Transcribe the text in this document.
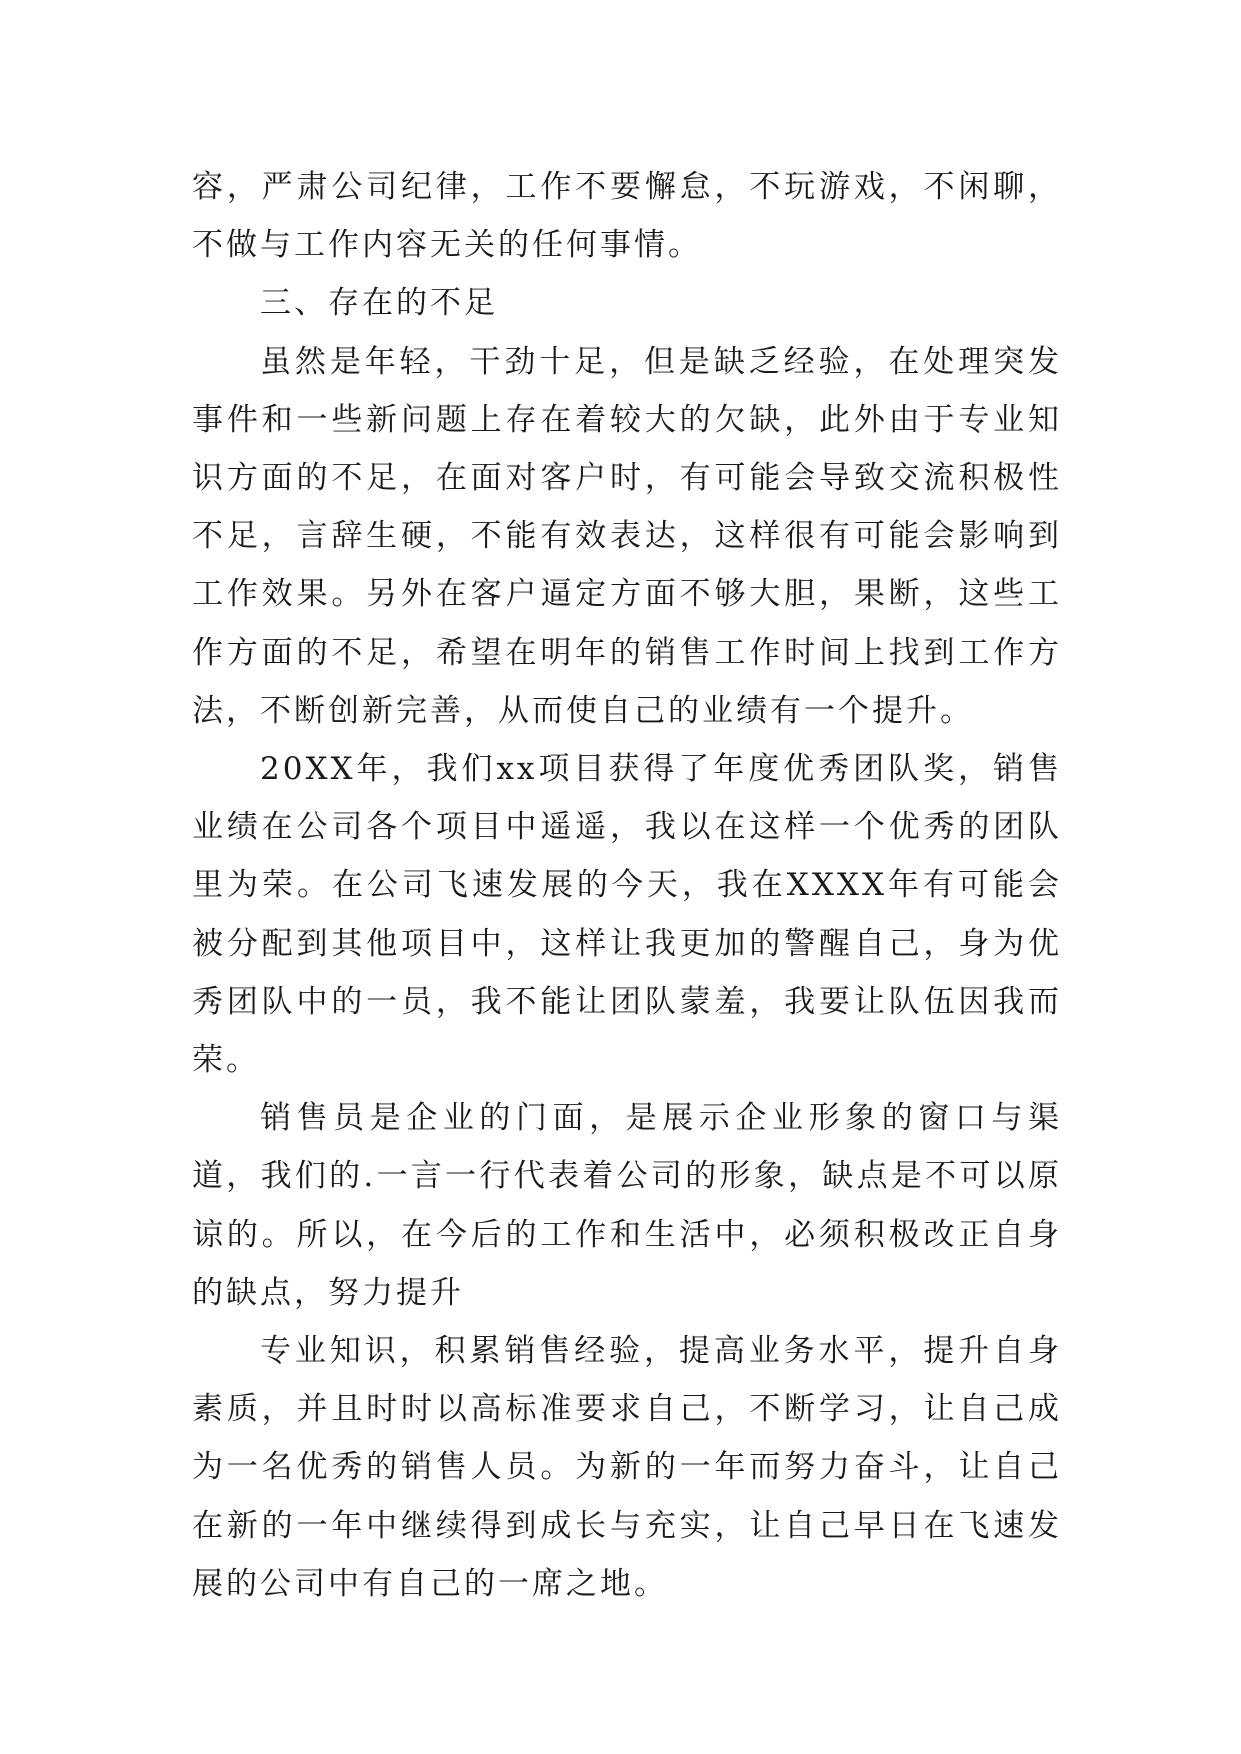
容，严肃公司纪律，工作不要懈怠，不玩游戏，不闲聊，不做与工作内容无关的任何事情。

三、存在的不足

虽然是年轻，干劲十足，但是缺乏经验，在处理突发事件和一些新问题上存在着较大的欠缺，此外由于专业知识方面的不足，在面对客户时，有可能会导致交流积极性不足，言辞生硬，不能有效表达，这样很有可能会影响到工作效果。另外在客户逼定方面不够大胆，果断，这些工作方面的不足，希望在明年的销售工作时间上找到工作方法，不断创新完善，从而使自己的业绩有一个提升。

20XX年，我们xx项目获得了年度优秀团队奖，销售业绩在公司各个项目中遥遥，我以在这样一个优秀的团队里为荣。在公司飞速发展的今天，我在XXXX年有可能会被分配到其他项目中，这样让我更加的警醒自己，身为优秀团队中的一员，我不能让团队蒙羞，我要让队伍因我而荣。

销售员是企业的门面，是展示企业形象的窗口与渠道，我们的.一言一行代表着公司的形象，缺点是不可以原谅的。所以，在今后的工作和生活中，必须积极改正自身的缺点，努力提升

专业知识，积累销售经验，提高业务水平，提升自身素质，并且时时以高标准要求自己，不断学习，让自己成为一名优秀的销售人员。为新的一年而努力奋斗，让自己在新的一年中继续得到成长与充实，让自己早日在飞速发展的公司中有自己的一席之地。
